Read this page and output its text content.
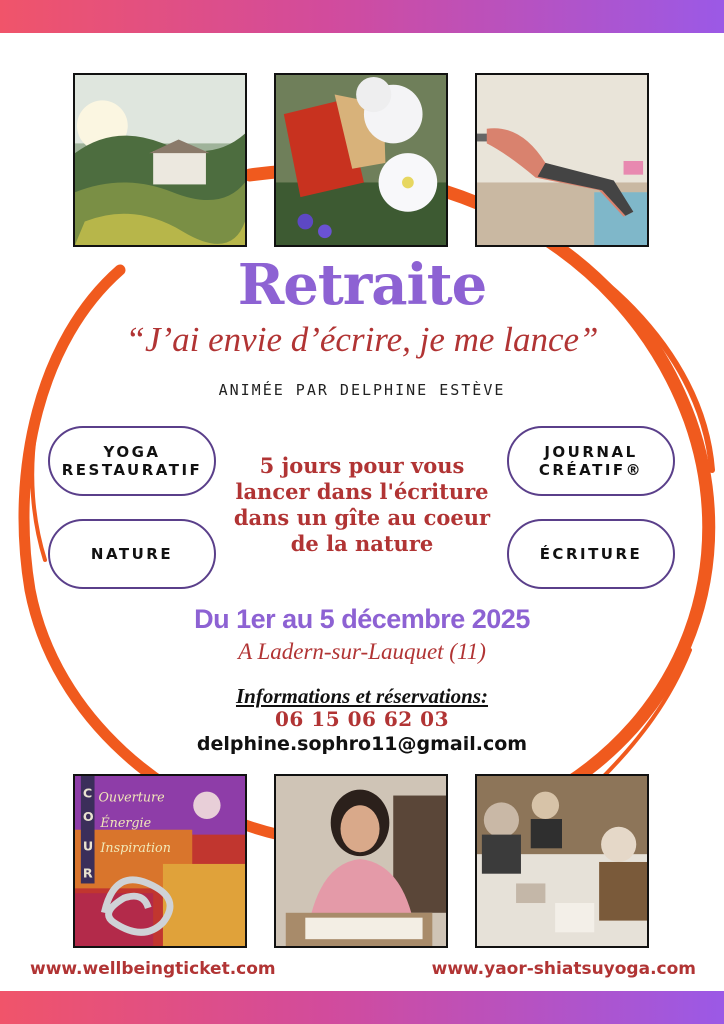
Retraite
“J’ai envie d’écrire, je me lance”
ANIMÉE PAR DELPHINE ESTÈVE
YOGA
RESTAURATIF
JOURNAL
CRÉATIF®
NATURE	ÉCRITURE
5 jours pour vous lancer dans l'écriture dans un gîte au coeur de la nature
Du 1er au 5 décembre 2025
A Ladern-sur-Lauquet (11)
Informations et réservations:
06 15 06 62 03
delphine.sophro11@gmail.com
C
O
U
R
Ouverture
Énergie
Inspiration
www.wellbeingticket.com	www.yaor-shiatsuyoga.com
